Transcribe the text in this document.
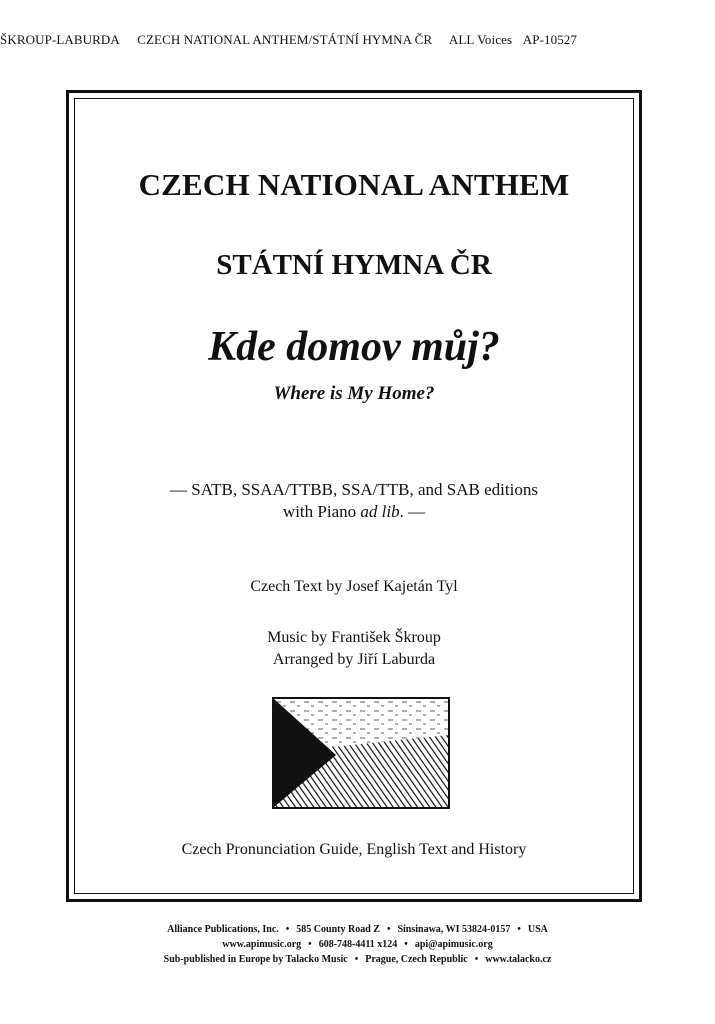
ŠKROUP-LABURDA CZECH NATIONAL ANTHEM/STÁTNÍ HYMNA ČR ALL Voices AP-10527
CZECH NATIONAL ANTHEM
STÁTNÍ HYMNA ČR
Kde domov můj?
Where is My Home?
— SATB, SSAA/TTBB, SSA/TTB, and SAB editions
with Piano ad lib. —
Czech Text by Josef Kajetán Tyl
Music by František Škroup
Arranged by Jiří Laburda
Czech Pronunciation Guide, English Text and History
Alliance Publications, Inc. • 585 County Road Z • Sinsinawa, WI 53824-0157 • USA
www.apimusic.org • 608-748-4411 x124 • api@apimusic.org
Sub-published in Europe by Talacko Music • Prague, Czech Republic • www.talacko.cz
